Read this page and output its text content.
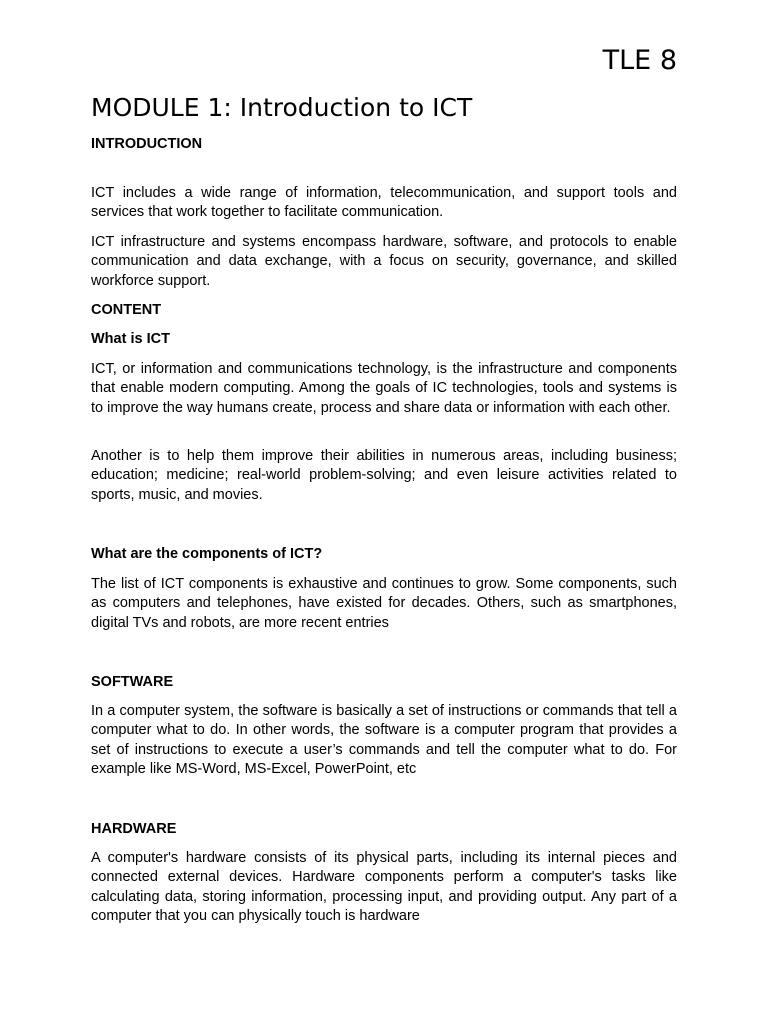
TLE 8
MODULE 1: Introduction to ICT
INTRODUCTION

ICT includes a wide range of information, telecommunication, and support tools and services that work together to facilitate communication.

ICT infrastructure and systems encompass hardware, software, and protocols to enable communication and data exchange, with a focus on security, governance, and skilled workforce support.

CONTENT
What is ICT

ICT, or information and communications technology, is the infrastructure and components that enable modern computing. Among the goals of IC technologies, tools and systems is to improve the way humans create, process and share data or information with each other.

Another is to help them improve their abilities in numerous areas, including business; education; medicine; real-world problem-solving; and even leisure activities related to sports, music, and movies.

What are the components of ICT?

The list of ICT components is exhaustive and continues to grow. Some components, such as computers and telephones, have existed for decades. Others, such as smartphones, digital TVs and robots, are more recent entries

SOFTWARE

In a computer system, the software is basically a set of instructions or commands that tell a computer what to do. In other words, the software is a computer program that provides a set of instructions to execute a user’s commands and tell the computer what to do. For example like MS-Word, MS-Excel, PowerPoint, etc

HARDWARE

A computer's hardware consists of its physical parts, including its internal pieces and connected external devices. Hardware components perform a computer's tasks like calculating data, storing information, processing input, and providing output. Any part of a computer that you can physically touch is hardware
